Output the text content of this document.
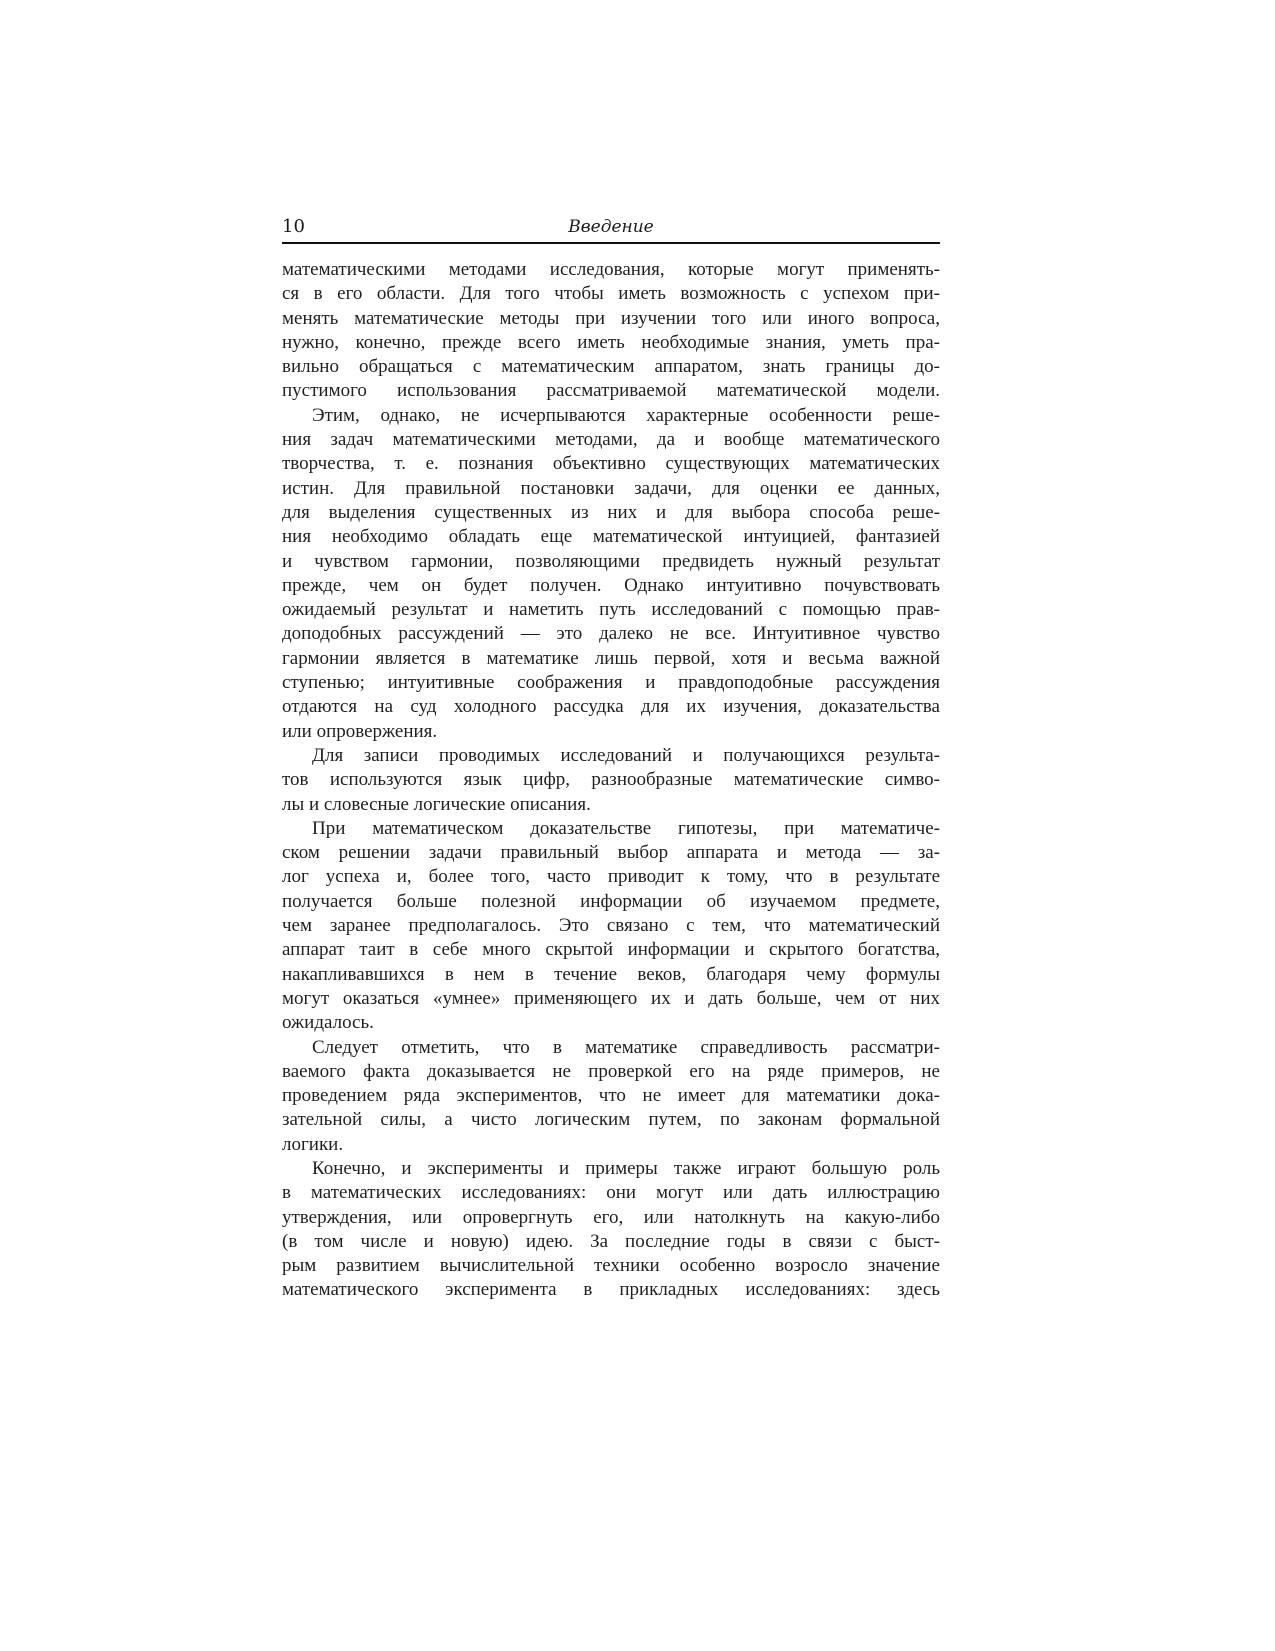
10	Введение
математическими методами исследования, которые могут применять-
ся в его области. Для того чтобы иметь возможность с успехом при-
менять математические методы при изучении того или иного вопроса,
нужно, конечно, прежде всего иметь необходимые знания, уметь пра-
вильно обращаться с математическим аппаратом, знать границы до-
пустимого использования рассматриваемой математической модели.
Этим, однако, не исчерпываются характерные особенности реше-
ния задач математическими методами, да и вообще математического
творчества, т. е. познания объективно существующих математических
истин. Для правильной постановки задачи, для оценки ее данных,
для выделения существенных из них и для выбора способа реше-
ния необходимо обладать еще математической интуицией, фантазией
и чувством гармонии, позволяющими предвидеть нужный результат
прежде, чем он будет получен. Однако интуитивно почувствовать
ожидаемый результат и наметить путь исследований с помощью прав-
доподобных рассуждений — это далеко не все. Интуитивное чувство
гармонии является в математике лишь первой, хотя и весьма важной
ступенью; интуитивные соображения и правдоподобные рассуждения
отдаются на суд холодного рассудка для их изучения, доказательства
или опровержения.
Для записи проводимых исследований и получающихся результа-
тов используются язык цифр, разнообразные математические симво-
лы и словесные логические описания.
При математическом доказательстве гипотезы, при математиче-
ском решении задачи правильный выбор аппарата и метода — за-
лог успеха и, более того, часто приводит к тому, что в результате
получается больше полезной информации об изучаемом предмете,
чем заранее предполагалось. Это связано с тем, что математический
аппарат таит в себе много скрытой информации и скрытого богатства,
накапливавшихся в нем в течение веков, благодаря чему формулы
могут оказаться «умнее» применяющего их и дать больше, чем от них
ожидалось.
Следует отметить, что в математике справедливость рассматри-
ваемого факта доказывается не проверкой его на ряде примеров, не
проведением ряда экспериментов, что не имеет для математики дока-
зательной силы, а чисто логическим путем, по законам формальной
логики.
Конечно, и эксперименты и примеры также играют большую роль
в математических исследованиях: они могут или дать иллюстрацию
утверждения, или опровергнуть его, или натолкнуть на какую-либо
(в том числе и новую) идею. За последние годы в связи с быст-
рым развитием вычислительной техники особенно возросло значение
математического эксперимента в прикладных исследованиях: здесь
